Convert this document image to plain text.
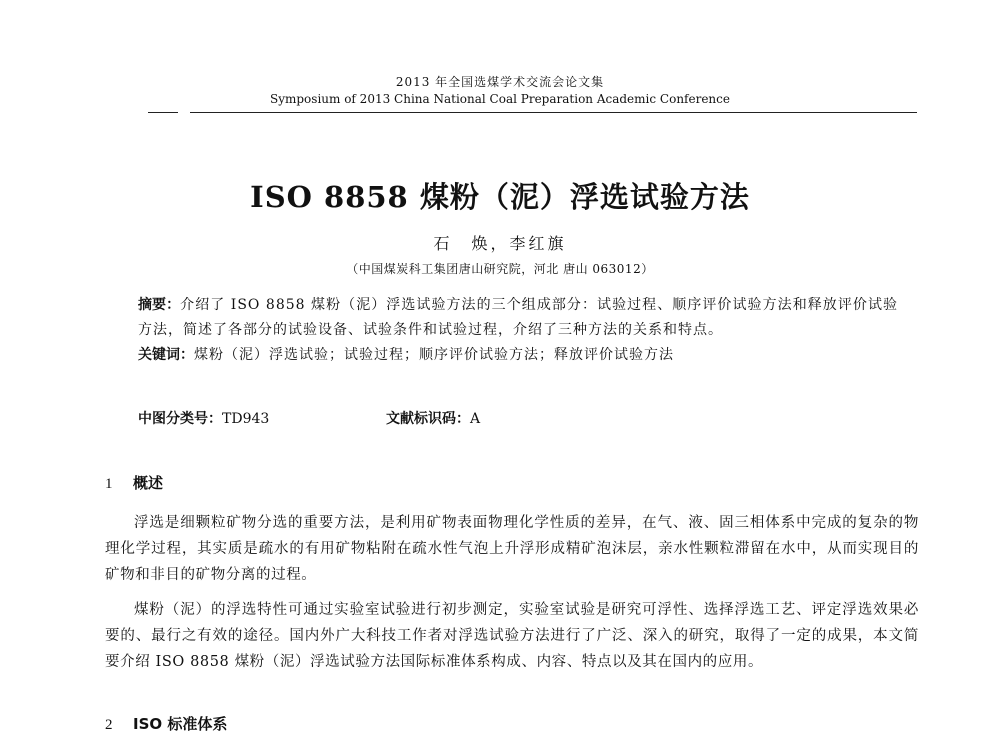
2013 年全国选煤学术交流会论文集
Symposium of 2013 China National Coal Preparation Academic Conference
ISO 8858 煤粉（泥）浮选试验方法
石　焕，李红旗
（中国煤炭科工集团唐山研究院，河北 唐山 063012）
摘要：介绍了 ISO 8858 煤粉（泥）浮选试验方法的三个组成部分：试验过程、顺序评价试验方法和释放评价试验方法，简述了各部分的试验设备、试验条件和试验过程，介绍了三种方法的关系和特点。
关键词：煤粉（泥）浮选试验；试验过程；顺序评价试验方法；释放评价试验方法
中图分类号：TD943	文献标识码：A
1 概述
浮选是细颗粒矿物分选的重要方法，是利用矿物表面物理化学性质的差异，在气、液、固三相体系中完成的复杂的物理化学过程，其实质是疏水的有用矿物粘附在疏水性气泡上升浮形成精矿泡沫层，亲水性颗粒滞留在水中，从而实现目的矿物和非目的矿物分离的过程。
煤粉（泥）的浮选特性可通过实验室试验进行初步测定，实验室试验是研究可浮性、选择浮选工艺、评定浮选效果必要的、最行之有效的途径。国内外广大科技工作者对浮选试验方法进行了广泛、深入的研究，取得了一定的成果，本文简要介绍 ISO 8858 煤粉（泥）浮选试验方法国际标准体系构成、内容、特点以及其在国内的应用。
2 ISO 标准体系
